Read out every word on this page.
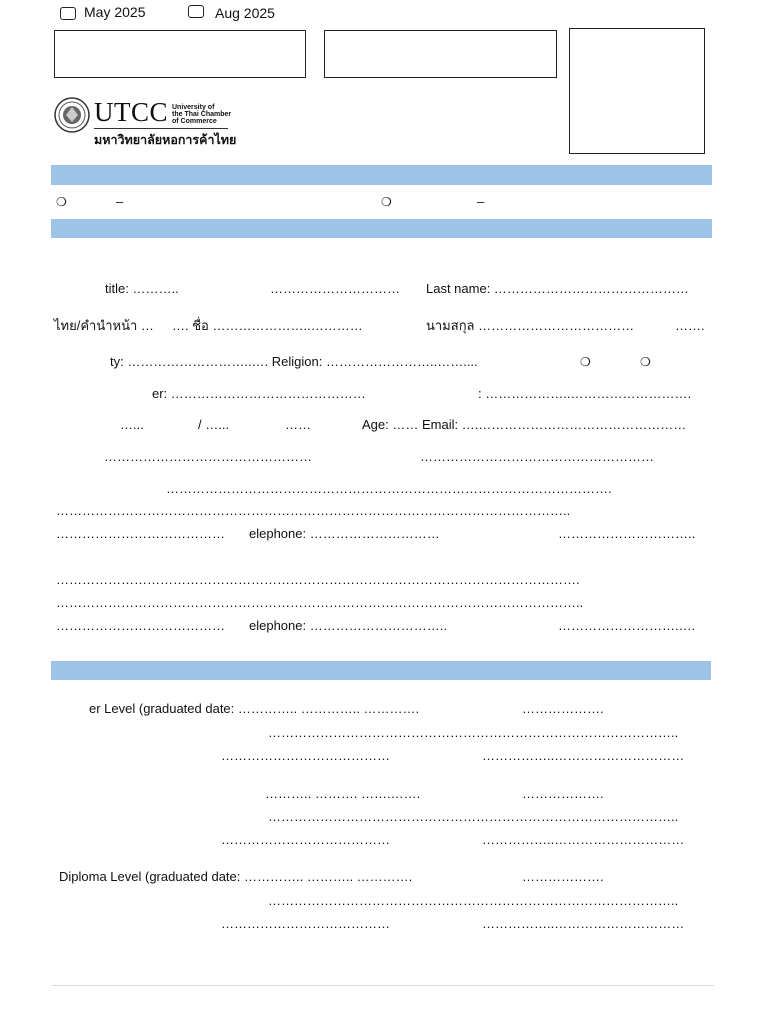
May 2025	Aug 2025
UTCC University of
the Thai Chamber
of Commerce
มหาวิทยาลัยหอการค้าไทย
❍	–	❍	–
title: ………..	………………………… Last name: ………………………………………
ไทย/คำนำหน้า … …. ชื่อ …………………..…………	นามสกุล ………………………………	…….
ty: ………………………..…. Religion: ……………………..……....	❍	❍
er: ………………………………………	: ………………..……………………….
…...	/ …...	……	Age: …… Email: ….…………………………………………
…………………………………………	………………………………………………
………………………………………………………………………………………….
………………………………………………………………………………………………………..
………………………………… elephone: …………………………	…………………………..
………………………………………………………………………………………………………….
…………………………………………………………………………………………………………..
………………………………… elephone: …………………………..	……………………….….
er Level (graduated date: ………….. ………….. ………….	……………….
…………………………………………………………………………………..
…………………………………	……………..…………………………
……….. ………. …….…….	……………….
…………………………………………………………………………………..
…………………………………	……………..…………………………
Diploma Level (graduated date: ………….. ……….. ………….	……………….
…………………………………………………………………………………..
…………………………………	……………..…………………………
